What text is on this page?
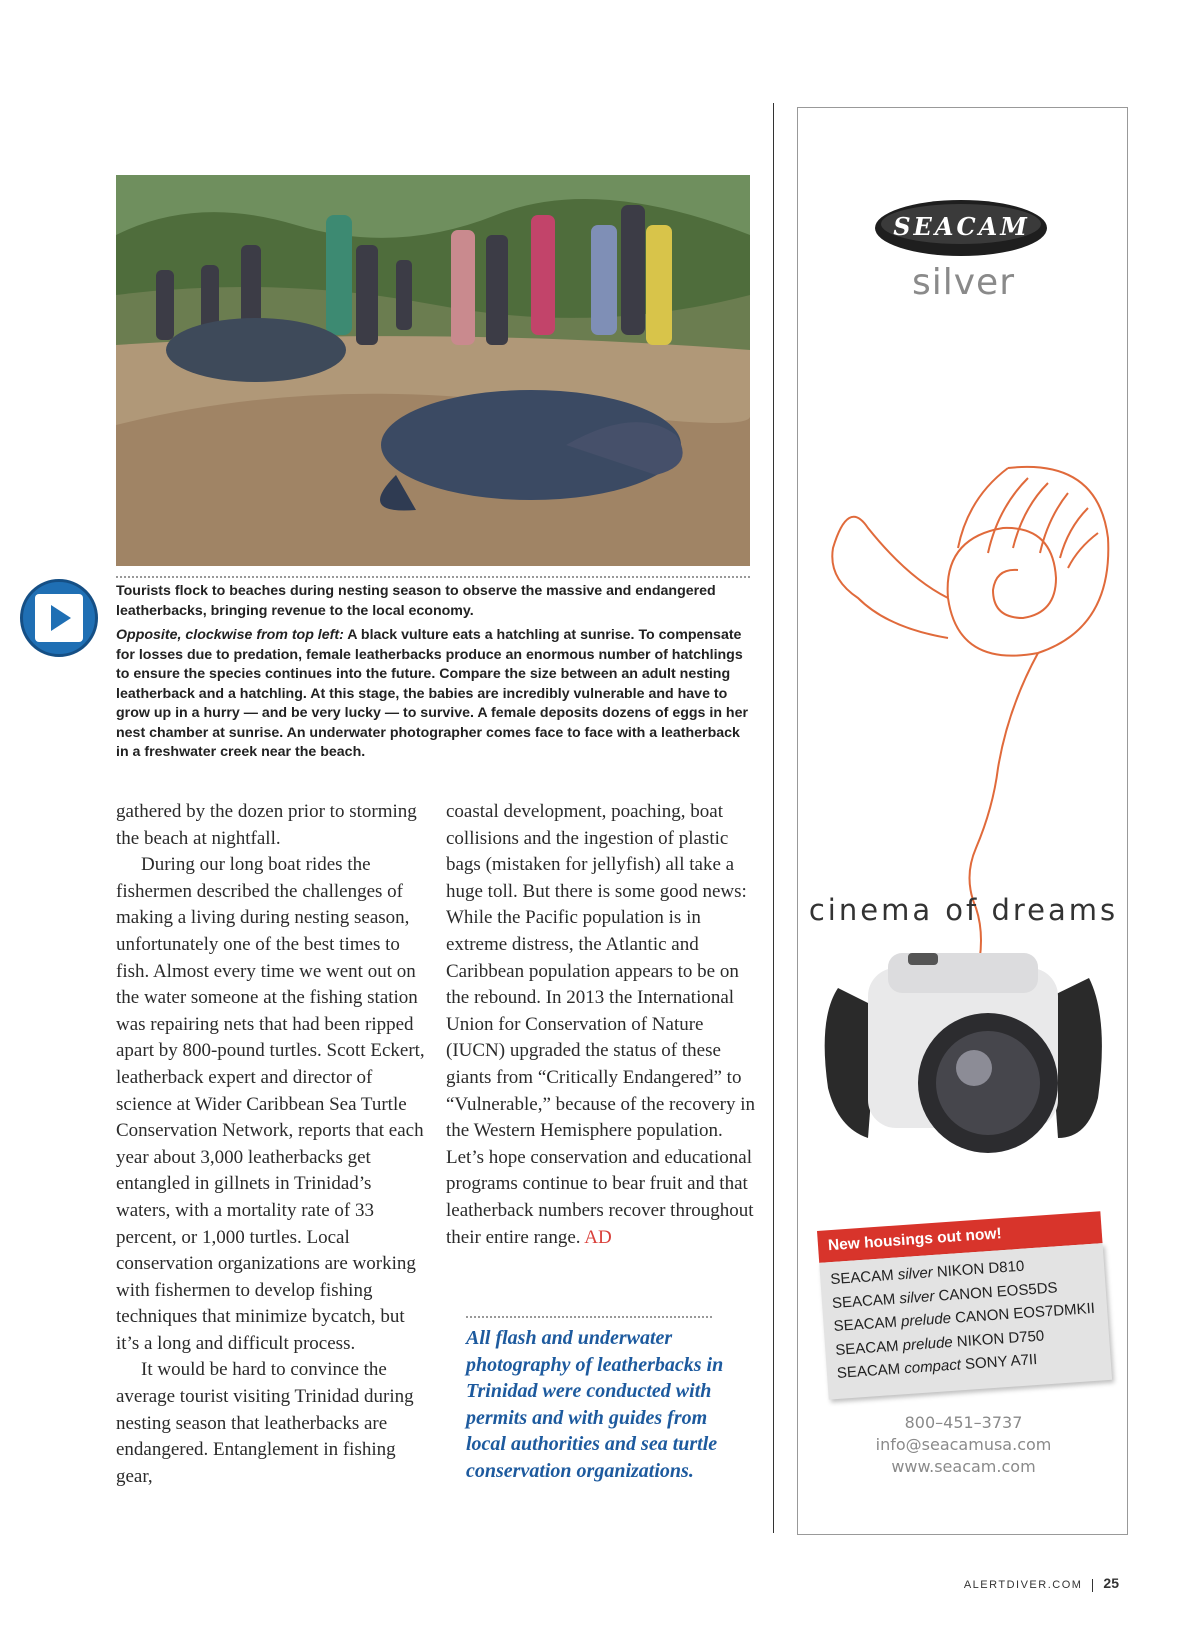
Tourists flock to beaches during nesting season to observe the massive and endangered leatherbacks, bringing revenue to the local economy.

Opposite, clockwise from top left: A black vulture eats a hatchling at sunrise. To compensate for losses due to predation, female leatherbacks produce an enormous number of hatchlings to ensure the species continues into the future. Compare the size between an adult nesting leatherback and a hatchling. At this stage, the babies are incredibly vulnerable and have to grow up in a hurry — and be very lucky — to survive. A female deposits dozens of eggs in her nest chamber at sunrise. An underwater photographer comes face to face with a leatherback in a freshwater creek near the beach.

gathered by the dozen prior to storming the beach at nightfall.

During our long boat rides the fishermen described the challenges of making a living during nesting season, unfortunately one of the best times to fish. Almost every time we went out on the water someone at the fishing station was repairing nets that had been ripped apart by 800-pound turtles. Scott Eckert, leatherback expert and director of science at Wider Caribbean Sea Turtle Conservation Network, reports that each year about 3,000 leatherbacks get entangled in gillnets in Trinidad’s waters, with a mortality rate of 33 percent, or 1,000 turtles. Local conservation organizations are working with fishermen to develop fishing techniques that minimize bycatch, but it’s a long and difficult process.

It would be hard to convince the average tourist visiting Trinidad during nesting season that leatherbacks are endangered. Entanglement in fishing gear,

coastal development, poaching, boat collisions and the ingestion of plastic bags (mistaken for jellyfish) all take a huge toll. But there is some good news: While the Pacific population is in extreme distress, the Atlantic and Caribbean population appears to be on the rebound. In 2013 the International Union for Conservation of Nature (IUCN) upgraded the status of these giants from “Critically Endangered” to “Vulnerable,” because of the recovery in the Western Hemisphere population. Let’s hope conservation and educational programs continue to bear fruit and that leatherback numbers recover throughout their entire range. AD

All flash and underwater photography of leatherbacks in Trinidad were conducted with permits and with guides from local authorities and sea turtle conservation organizations.
SEACAM
silver
cinema of dreams
New housings out now!
SEACAM silver NIKON D810
SEACAM silver CANON EOS5DS
SEACAM prelude CANON EOS7DMKII
SEACAM prelude NIKON D750
SEACAM compact SONY A7II
800–451–3737
info@seacamusa.com
www.seacam.com
ALERTDIVER.COM 25
